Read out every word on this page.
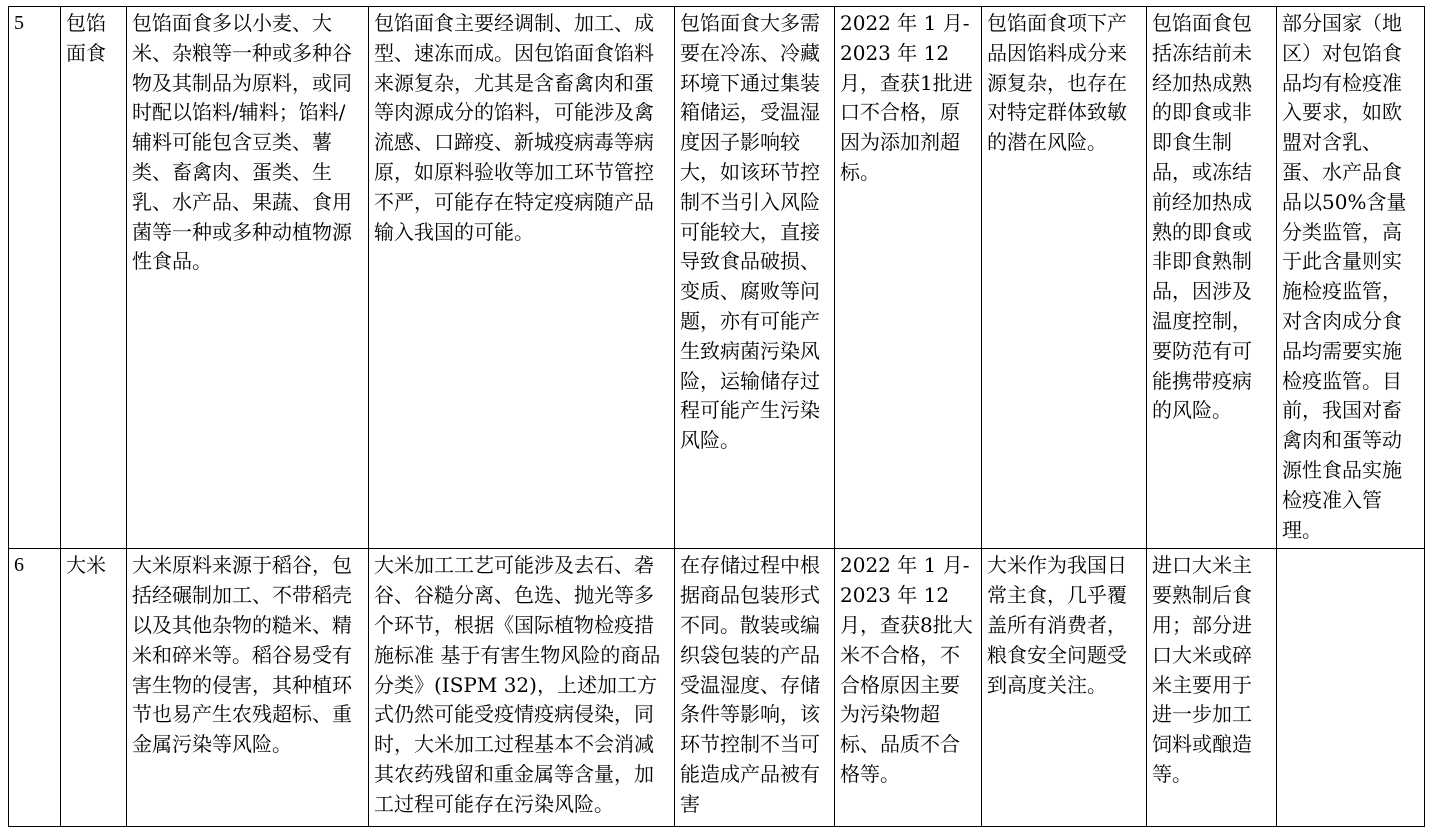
5	包馅面食	包馅面食多以小麦、大米、杂粮等一种或多种谷物及其制品为原料，或同时配以馅料/辅料；馅料/辅料可能包含豆类、薯类、畜禽肉、蛋类、生乳、水产品、果蔬、食用菌等一种或多种动植物源性食品。	包馅面食主要经调制、加工、成型、速冻而成。因包馅面食馅料来源复杂，尤其是含畜禽肉和蛋等肉源成分的馅料，可能涉及禽流感、口蹄疫、新城疫病毒等病原，如原料验收等加工环节管控不严，可能存在特定疫病随产品输入我国的可能。	包馅面食大多需要在冷冻、冷藏环境下通过集装箱储运，受温湿度因子影响较大，如该环节控制不当引入风险可能较大，直接导致食品破损、变质、腐败等问题，亦有可能产生致病菌污染风险，运输储存过程可能产生污染风险。	2022 年 1 月-2023 年 12月，查获1批进口不合格，原因为添加剂超标。	包馅面食项下产品因馅料成分来源复杂，也存在对特定群体致敏的潜在风险。	包馅面食包括冻结前未经加热成熟的即食或非即食生制品，或冻结前经加热成熟的即食或非即食熟制品，因涉及温度控制，要防范有可能携带疫病的风险。	部分国家（地区）对包馅食品均有检疫准入要求，如欧盟对含乳、蛋、水产品食品以50%含量分类监管，高于此含量则实施检疫监管，对含肉成分食品均需要实施检疫监管。目前，我国对畜禽肉和蛋等动源性食品实施检疫准入管理。
6	大米	大米原料来源于稻谷，包括经碾制加工、不带稻壳以及其他杂物的糙米、精米和碎米等。稻谷易受有害生物的侵害，其种植环节也易产生农残超标、重金属污染等风险。	大米加工工艺可能涉及去石、砻谷、谷糙分离、色选、抛光等多个环节，根据《国际植物检疫措施标准 基于有害生物风险的商品分类》(ISPM 32)，上述加工方式仍然可能受疫情疫病侵染，同时，大米加工过程基本不会消减其农药残留和重金属等含量，加工过程可能存在污染风险。	在存储过程中根据商品包装形式不同。散装或编织袋包装的产品受温湿度、存储条件等影响，该环节控制不当可能造成产品被有害	2022 年 1 月-2023 年 12月，查获8批大米不合格，不合格原因主要为污染物超标、品质不合格等。	大米作为我国日常主食，几乎覆盖所有消费者，粮食安全问题受到高度关注。	进口大米主要熟制后食用；部分进口大米或碎米主要用于进一步加工饲料或酿造等。	
